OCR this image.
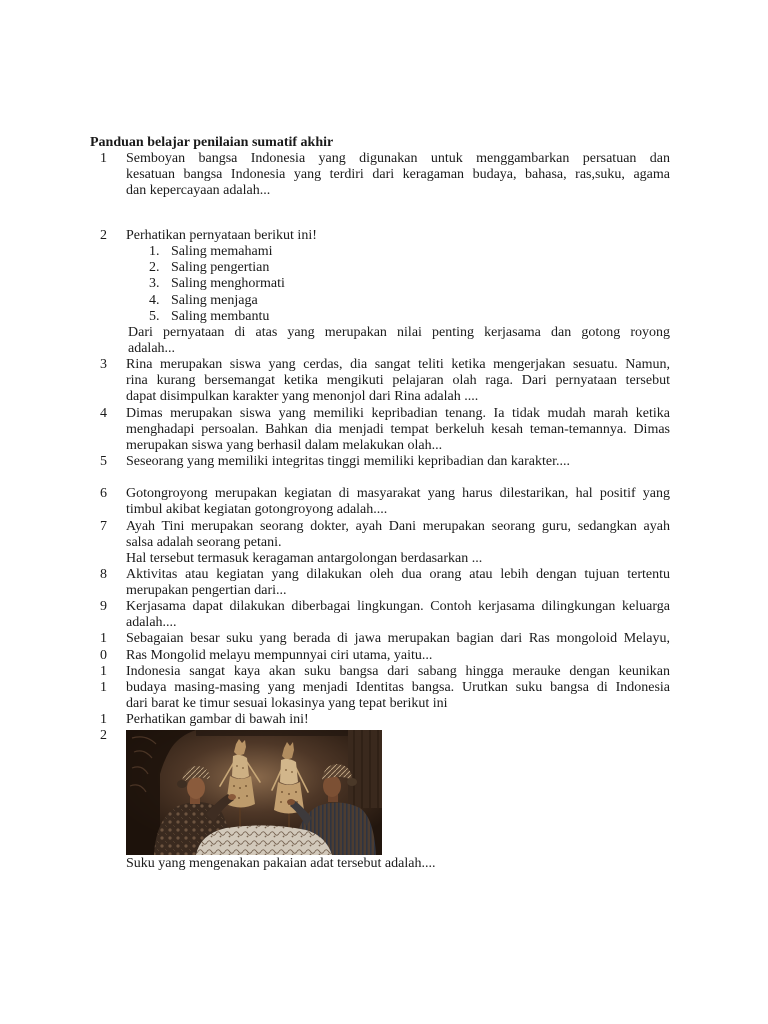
Panduan belajar penilaian sumatif akhir
1 Semboyan bangsa Indonesia yang digunakan untuk menggambarkan persatuan dan
kesatuan bangsa Indonesia yang terdiri dari keragaman budaya, bahasa, ras,suku, agama
dan kepercayaan adalah...
2 Perhatikan pernyataan berikut ini!
1. Saling memahami
2. Saling pengertian
3. Saling menghormati
4. Saling menjaga
5. Saling membantu
Dari pernyataan di atas yang merupakan nilai penting kerjasama dan gotong royong
adalah...
3 Rina merupakan siswa yang cerdas, dia sangat teliti ketika mengerjakan sesuatu. Namun,
rina kurang bersemangat ketika mengikuti pelajaran olah raga. Dari pernyataan tersebut
dapat disimpulkan karakter yang menonjol dari Rina adalah ....
4 Dimas merupakan siswa yang memiliki kepribadian tenang. Ia tidak mudah marah ketika
menghadapi persoalan. Bahkan dia menjadi tempat berkeluh kesah teman-temannya. Dimas
merupakan siswa yang berhasil dalam melakukan olah...
5 Seseorang yang memiliki integritas tinggi memiliki kepribadian dan karakter....
6 Gotongroyong merupakan kegiatan di masyarakat yang harus dilestarikan, hal positif yang
timbul akibat kegiatan gotongroyong adalah....
7 Ayah Tini merupakan seorang dokter, ayah Dani merupakan seorang guru, sedangkan ayah
salsa adalah seorang petani.
Hal tersebut termasuk keragaman antargolongan berdasarkan ...
8 Aktivitas atau kegiatan yang dilakukan oleh dua orang atau lebih dengan tujuan tertentu
merupakan pengertian dari...
9 Kerjasama dapat dilakukan diberbagai lingkungan. Contoh kerjasama dilingkungan keluarga
adalah....
10
Sebagaian besar suku yang berada di jawa merupakan bagian dari Ras mongoloid Melayu,
Ras Mongolid melayu mempunnyai ciri utama, yaitu...
11
Indonesia sangat kaya akan suku bangsa dari sabang hingga merauke dengan keunikan
budaya masing-masing yang menjadi Identitas bangsa. Urutkan suku bangsa di Indonesia
dari barat ke timur sesuai lokasinya yang tepat berikut ini
12
Perhatikan gambar di bawah ini!
Suku yang mengenakan pakaian adat tersebut adalah....
